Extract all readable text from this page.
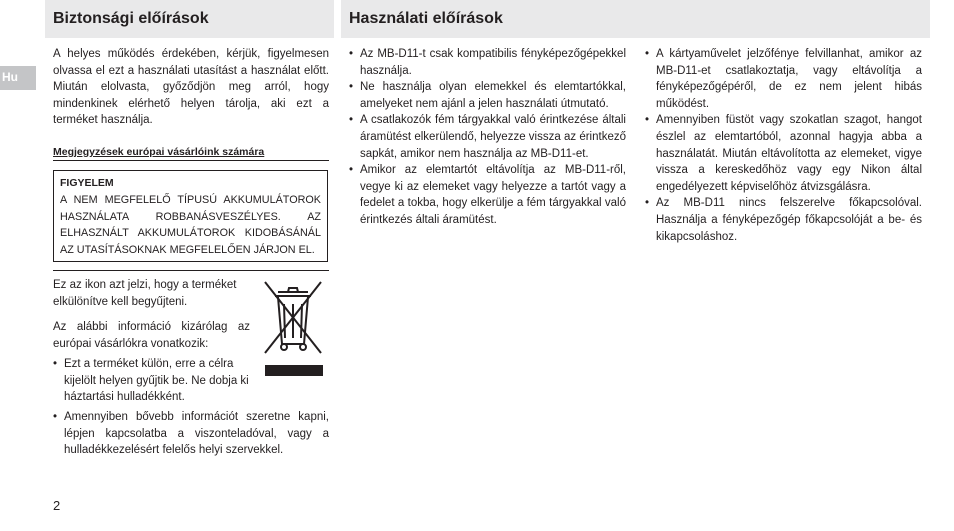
Hu
Biztonsági előírások	Használati előírások

A helyes működés érdekében, kérjük, figyelmesen olvassa el ezt a használati utasítást a használat előtt. Miután elolvasta, győződjön meg arról, hogy mindenkinek elérhető helyen tárolja, aki ezt a terméket használja.

Megjegyzések európai vásárlóink számára
FIGYELEM
A NEM MEGFELELŐ TÍPUSÚ AKKUMULÁTOROK HASZNÁLATA ROBBANÁSVESZÉLYES. AZ ELHASZNÁLT AKKUMULÁTOROK KIDOBÁSÁNÁL AZ UTASÍTÁSOKNAK MEGFELELŐEN JÁRJON EL.

Ez az ikon azt jelzi, hogy a terméket elkülönítve kell begyűjteni.

Az alábbi információ kizárólag az európai vásárlókra vonatkozik:

• Ezt a terméket külön, erre a célra kijelölt helyen gyűjtik be. Ne dobja ki háztartási hulladékként.
• Amennyiben bővebb információt szeretne kapni, lépjen kapcsolatba a viszonteladóval, vagy a hulladékkezelésért felelős helyi szervekkel.
• Az MB-D11-t csak kompatibilis fényképezőgépekkel használja.
• Ne használja olyan elemekkel és elemtartókkal, amelyeket nem ajánl a jelen használati útmutató.
• A csatlakozók fém tárgyakkal való érintkezése általi áramütést elkerülendő, helyezze vissza az érintkező sapkát, amikor nem használja az MB-D11-et.
• Amikor az elemtartót eltávolítja az MB-D11-ről, vegye ki az elemeket vagy helyezze a tartót vagy a fedelet a tokba, hogy elkerülje a fém tárgyakkal való érintkezés általi áramütést.
• A kártyaművelet jelzőfénye felvillanhat, amikor az MB-D11-et csatlakoztatja, vagy eltávolítja a fényképezőgépéről, de ez nem jelent hibás működést.
• Amennyiben füstöt vagy szokatlan szagot, hangot észlel az elemtartóból, azonnal hagyja abba a használatát. Miután eltávolította az elemeket, vigye vissza a kereskedőhöz vagy egy Nikon által engedélyezett képviselőhöz átvizsgálásra.
• Az MB-D11 nincs felszerelve főkapcsolóval. Használja a fényképezőgép főkapcsolóját a be- és kikapcsoláshoz.
2
